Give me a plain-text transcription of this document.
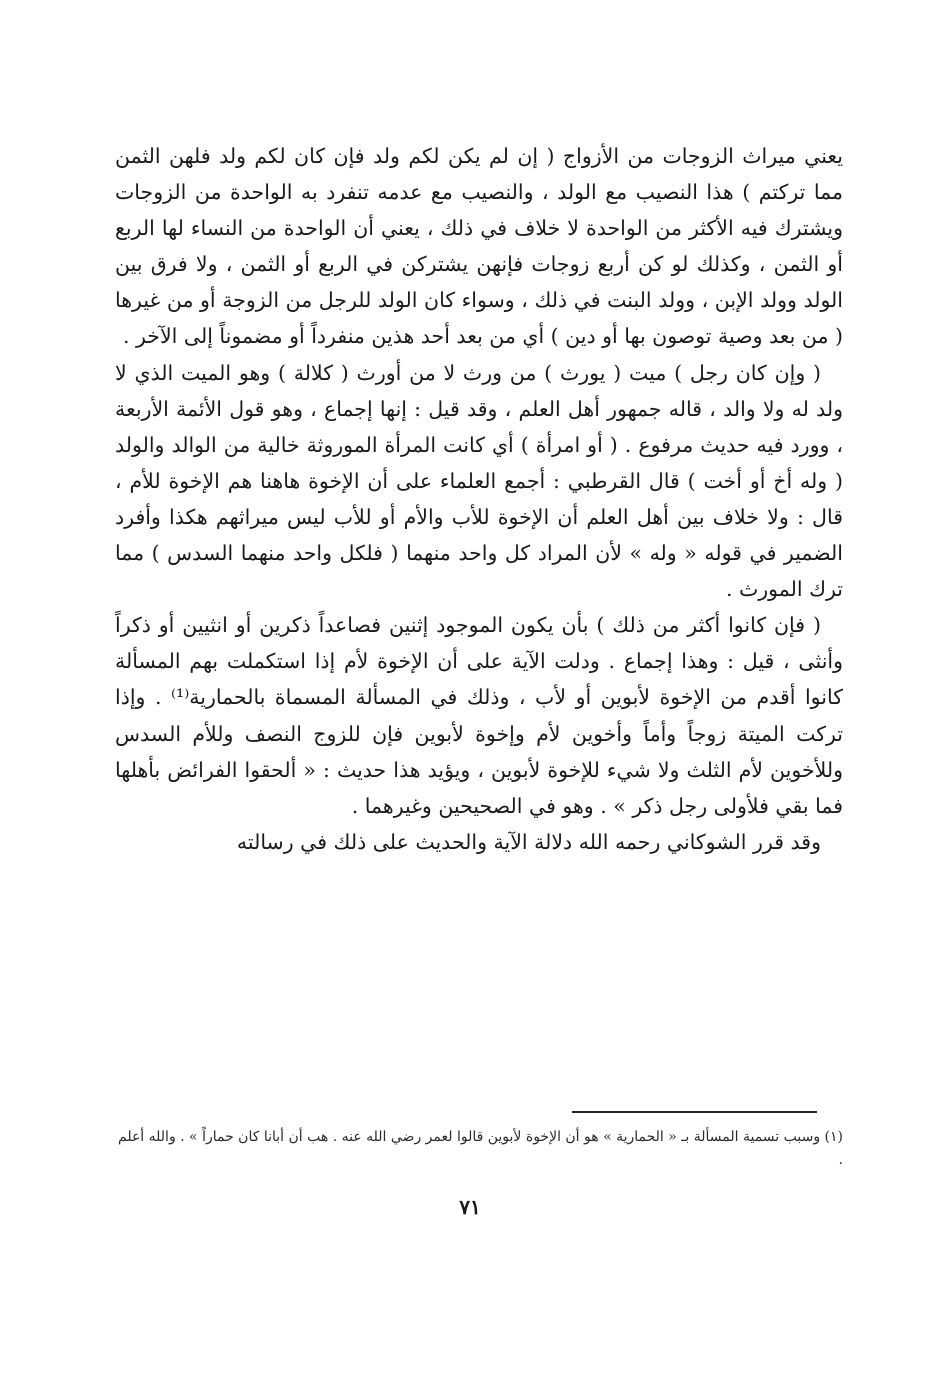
يعني ميراث الزوجات من الأزواج ( إن لم يكن لكم ولد فإن كان لكم ولد فلهن الثمن مما تركتم ) هذا النصيب مع الولد ، والنصيب مع عدمه تنفرد به الواحدة من الزوجات ويشترك فيه الأكثر من الواحدة لا خلاف في ذلك ، يعني أن الواحدة من النساء لها الربع أو الثمن ، وكذلك لو كن أربع زوجات فإنهن يشتركن في الربع أو الثمن ، ولا فرق بين الولد وولد الإبن ، وولد البنت في ذلك ، وسواء كان الولد للرجل من الزوجة أو من غيرها ( من بعد وصية توصون بها أو دين ) أي من بعد أحد هذين منفرداً أو مضموناً إلى الآخر .

( وإن كان رجل ) ميت ( يورث ) من ورث لا من أورث ( كلالة ) وهو الميت الذي لا ولد له ولا والد ، قاله جمهور أهل العلم ، وقد قيل : إنها إجماع ، وهو قول الأئمة الأربعة ، وورد فيه حديث مرفوع . ( أو امرأة ) أي كانت المرأة الموروثة خالية من الوالد والولد ( وله أخ أو أخت ) قال القرطبي : أجمع العلماء على أن الإخوة هاهنا هم الإخوة للأم ، قال : ولا خلاف بين أهل العلم أن الإخوة للأب والأم أو للأب ليس ميراثهم هكذا وأفرد الضمير في قوله « وله » لأن المراد كل واحد منهما ( فلكل واحد منهما السدس ) مما ترك المورث .

( فإن كانوا أكثر من ذلك ) بأن يكون الموجود إثنين فصاعداً ذكرين أو انثيين أو ذكراً وأنثى ، قيل : وهذا إجماع . ودلت الآية على أن الإخوة لأم إذا استكملت بهم المسألة كانوا أقدم من الإخوة لأبوين أو لأب ، وذلك في المسألة المسماة بالحمارية⁽¹⁾ . وإذا تركت الميتة زوجاً وأماً وأخوين لأم وإخوة لأبوين فإن للزوج النصف وللأم السدس وللأخوين لأم الثلث ولا شيء للإخوة لأبوين ، ويؤيد هذا حديث : « ألحقوا الفرائض بأهلها فما بقي فلأولى رجل ذكر » . وهو في الصحيحين وغيرهما .

وقد قرر الشوكاني رحمه الله دلالة الآية والحديث على ذلك في رسالته

(١) وسبب تسمية المسألة بـ « الحمارية » هو أن الإخوة لأبوين قالوا لعمر رضي الله عنه . هب أن أبانا كان حماراً » . والله أعلم .

٧١
